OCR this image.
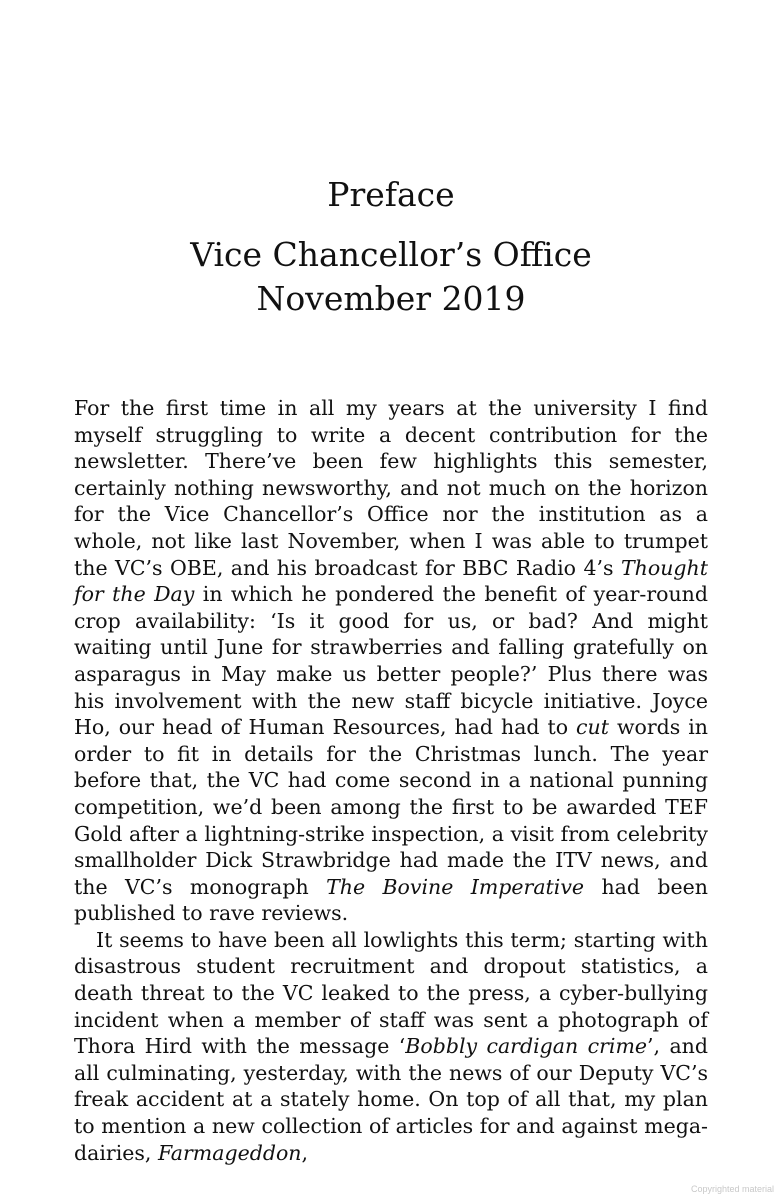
Preface
Vice Chancellor’s Office
November 2019

For the first time in all my years at the university I find myself struggling to write a decent contribution for the newsletter. There’ve been few highlights this semester, certainly nothing newsworthy, and not much on the horizon for the Vice Chancellor’s Office nor the institution as a whole, not like last November, when I was able to trumpet the VC’s OBE, and his broadcast for BBC Radio 4’s Thought for the Day in which he pondered the benefit of year-round crop availability: ‘Is it good for us, or bad? And might waiting until June for strawberries and falling gratefully on asparagus in May make us better people?’ Plus there was his involvement with the new staff bicycle initiative. Joyce Ho, our head of Human Resources, had had to cut words in order to fit in details for the Christmas lunch. The year before that, the VC had come second in a national punning competition, we’d been among the first to be awarded TEF Gold after a lightning-strike inspection, a visit from celebrity smallholder Dick Strawbridge had made the ITV news, and the VC’s monograph The Bovine Imperative had been published to rave reviews.

It seems to have been all lowlights this term; starting with disastrous student recruitment and dropout statistics, a death threat to the VC leaked to the press, a cyber-bullying incident when a member of staff was sent a photograph of Thora Hird with the message ‘Bobbly cardigan crime’, and all culminating, yesterday, with the news of our Deputy VC’s freak accident at a stately home. On top of all that, my plan to mention a new collection of articles for and against mega-dairies, Farmageddon,

Copyrighted material
